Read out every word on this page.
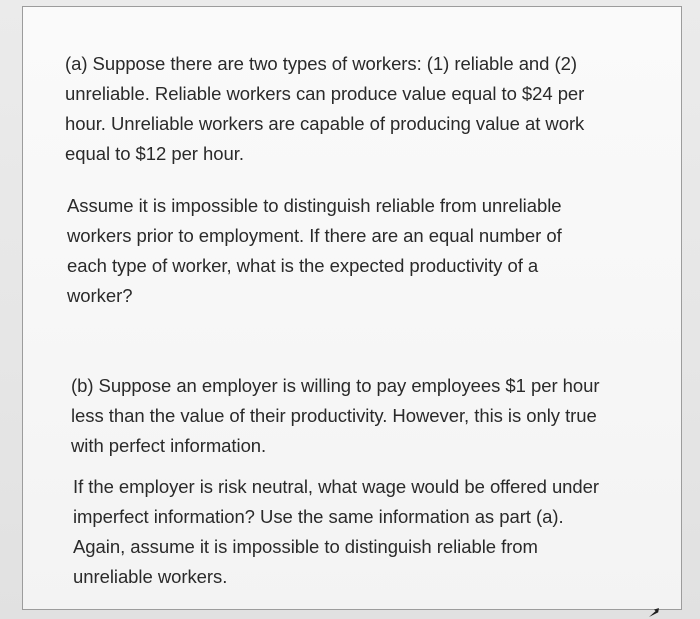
(a) Suppose there are two types of workers: (1) reliable and (2)
unreliable. Reliable workers can produce value equal to $24 per
hour. Unreliable workers are capable of producing value at work
equal to $12 per hour.

Assume it is impossible to distinguish reliable from unreliable
workers prior to employment. If there are an equal number of
each type of worker, what is the expected productivity of a
worker?

(b) Suppose an employer is willing to pay employees $1 per hour
less than the value of their productivity. However, this is only true
with perfect information.

If the employer is risk neutral, what wage would be offered under
imperfect information? Use the same information as part (a).
Again, assume it is impossible to distinguish reliable from
unreliable workers.
